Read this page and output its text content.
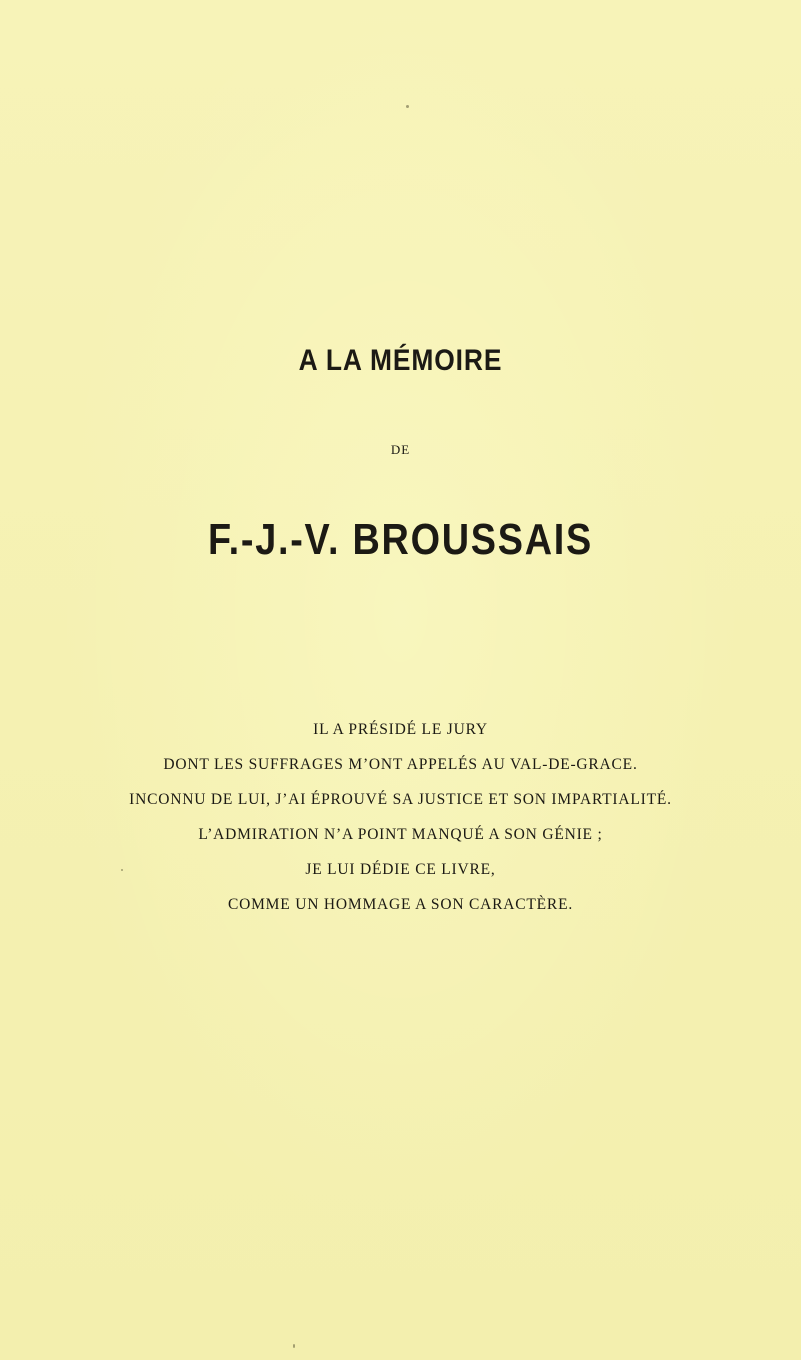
A LA MÉMOIRE
DE
F.-J.-V. BROUSSAIS
IL A PRÉSIDÉ LE JURY
DONT LES SUFFRAGES M’ONT APPELÉS AU VAL-DE-GRACE.
INCONNU DE LUI, J’AI ÉPROUVÉ SA JUSTICE ET SON IMPARTIALITÉ.
L’ADMIRATION N’A POINT MANQUÉ A SON GÉNIE ;
JE LUI DÉDIE CE LIVRE,
COMME UN HOMMAGE A SON CARACTÈRE.
